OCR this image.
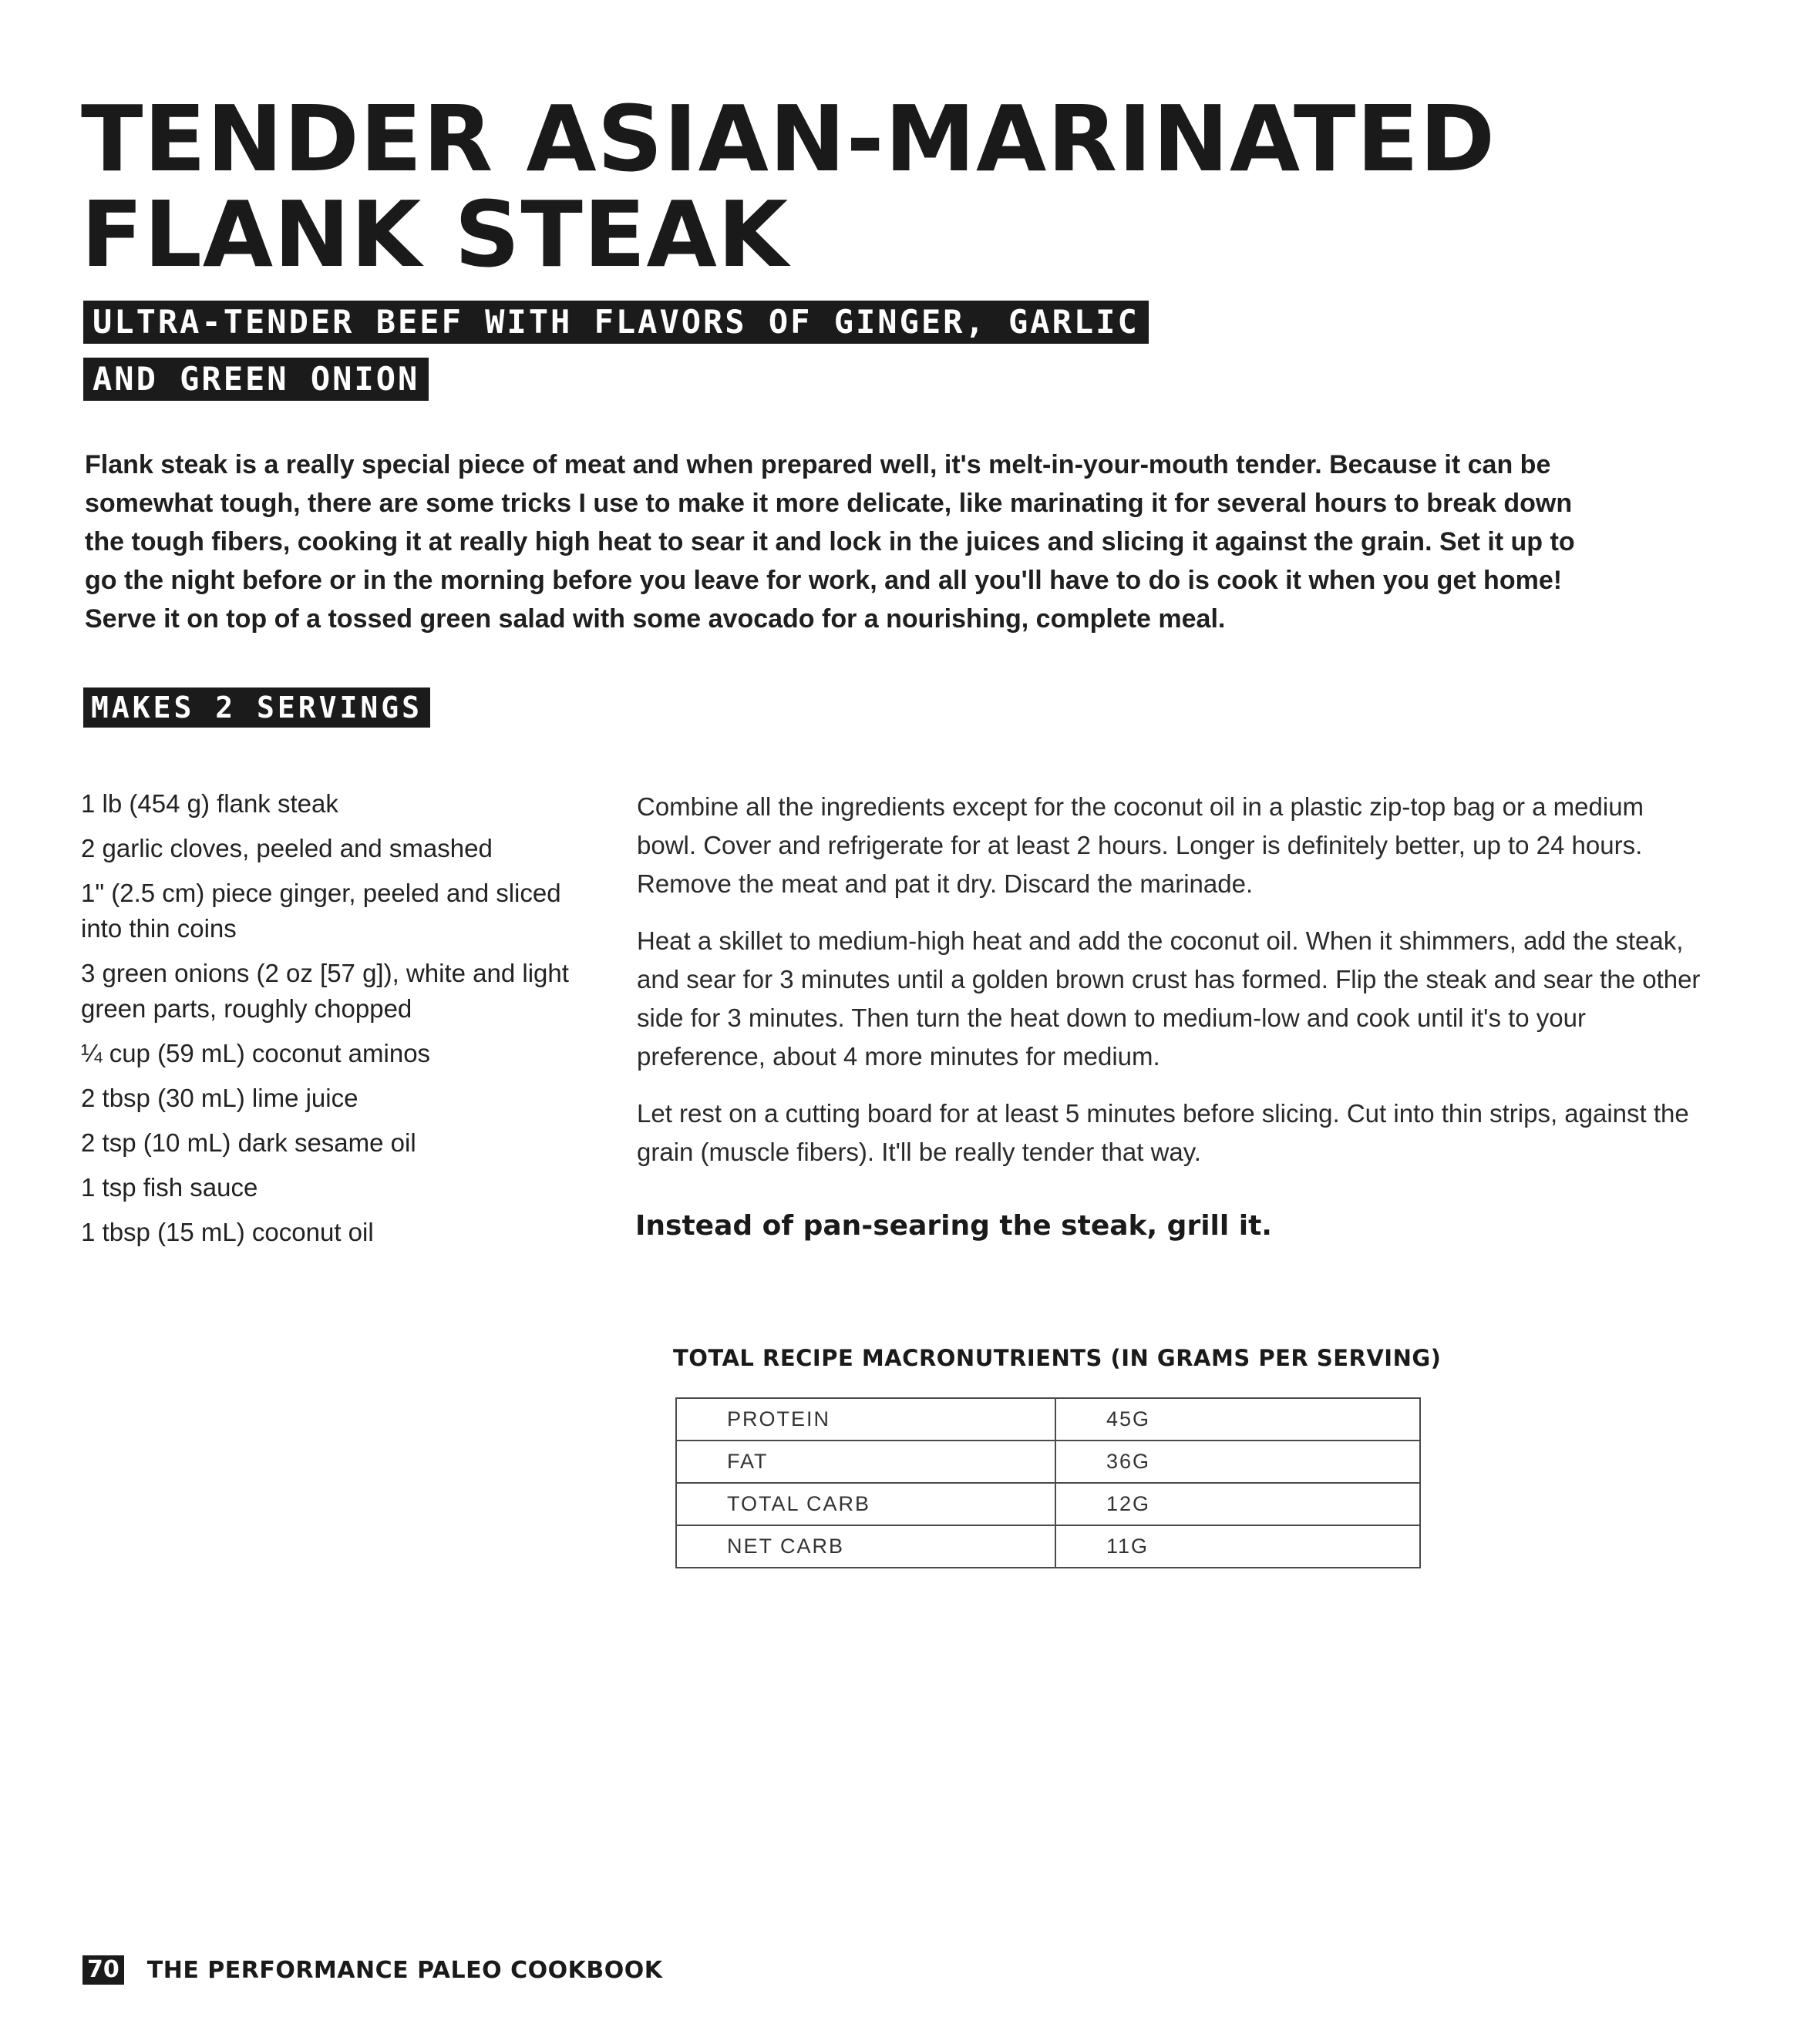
TENDER ASIAN-MARINATED
FLANK STEAK
ULTRA-TENDER BEEF WITH FLAVORS OF GINGER, GARLIC
AND GREEN ONION

Flank steak is a really special piece of meat and when prepared well, it's melt-in-your-mouth tender. Because it can be somewhat tough, there are some tricks I use to make it more delicate, like marinating it for several hours to break down the tough fibers, cooking it at really high heat to sear it and lock in the juices and slicing it against the grain. Set it up to go the night before or in the morning before you leave for work, and all you'll have to do is cook it when you get home! Serve it on top of a tossed green salad with some avocado for a nourishing, complete meal.

MAKES 2 SERVINGS
1 lb (454 g) flank steak
2 garlic cloves, peeled and smashed
1" (2.5 cm) piece ginger, peeled and sliced into thin coins
3 green onions (2 oz [57 g]), white and light green parts, roughly chopped
¼ cup (59 mL) coconut aminos
2 tbsp (30 mL) lime juice
2 tsp (10 mL) dark sesame oil
1 tsp fish sauce
1 tbsp (15 mL) coconut oil

Combine all the ingredients except for the coconut oil in a plastic zip-top bag or a medium bowl. Cover and refrigerate for at least 2 hours. Longer is definitely better, up to 24 hours. Remove the meat and pat it dry. Discard the marinade.

Heat a skillet to medium-high heat and add the coconut oil. When it shimmers, add the steak, and sear for 3 minutes until a golden brown crust has formed. Flip the steak and sear the other side for 3 minutes. Then turn the heat down to medium-low and cook until it's to your preference, about 4 more minutes for medium.

Let rest on a cutting board for at least 5 minutes before slicing. Cut into thin strips, against the grain (muscle fibers). It'll be really tender that way.

Instead of pan-searing the steak, grill it.

TOTAL RECIPE MACRONUTRIENTS (IN GRAMS PER SERVING)
PROTEIN	45G
FAT	36G
TOTAL CARB	12G
NET CARB	11G
70 THE PERFORMANCE PALEO COOKBOOK
